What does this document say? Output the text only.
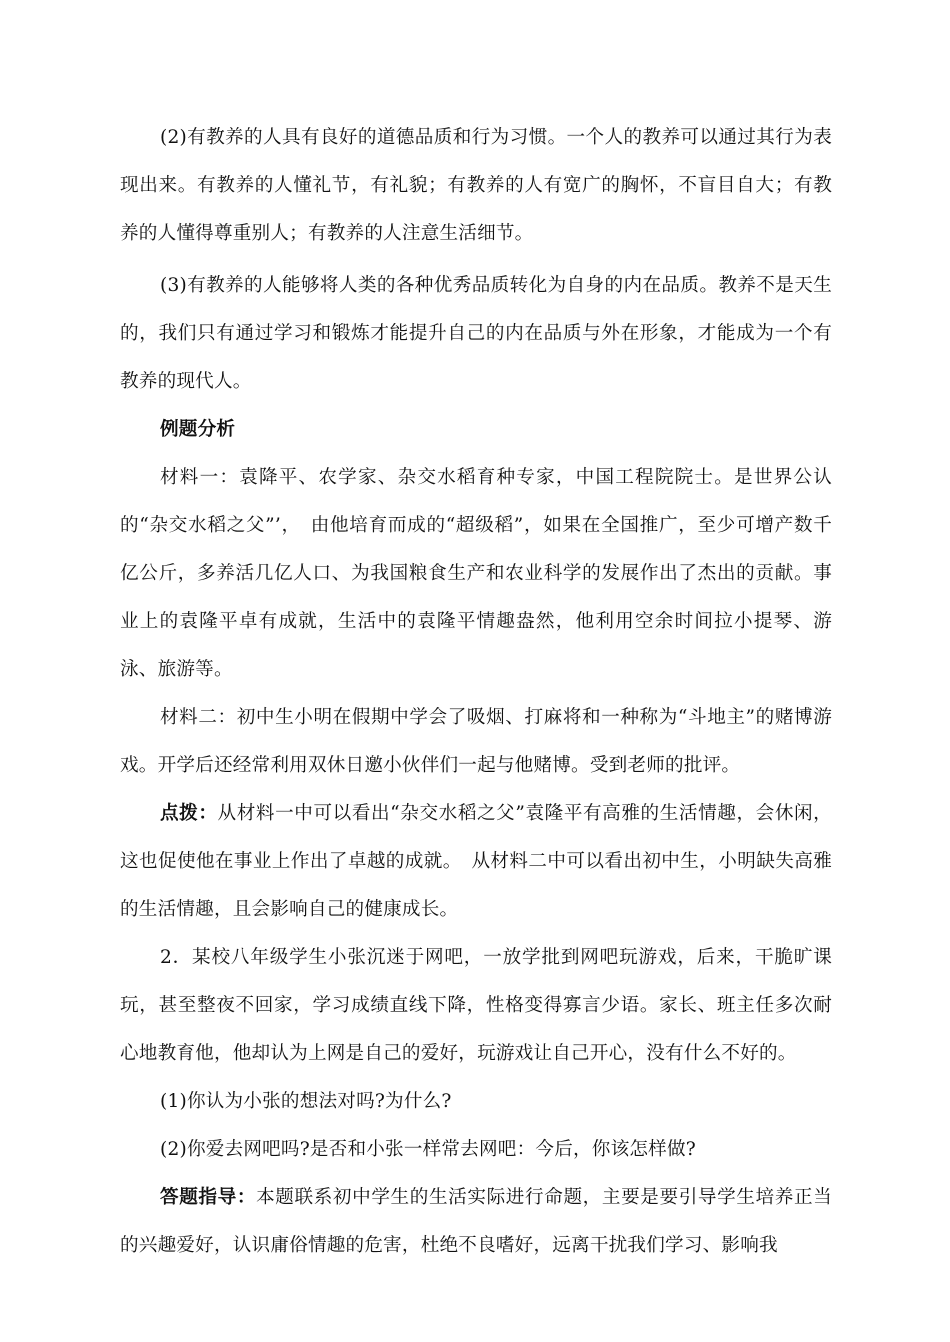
(2)有教养的人具有良好的道德品质和行为习惯。一个人的教养可以通过其行为表现出来。有教养的人懂礼节，有礼貌；有教养的人有宽广的胸怀，不盲目自大；有教养的人懂得尊重别人；有教养的人注意生活细节。

(3)有教养的人能够将人类的各种优秀品质转化为自身的内在品质。教养不是天生的，我们只有通过学习和锻炼才能提升自己的内在品质与外在形象，才能成为一个有教养的现代人。

例题分析

材料一：袁降平、农学家、杂交水稻育种专家，中国工程院院士。是世界公认的“杂交水稻之父”’，　由他培育而成的“超级稻”，如果在全国推广，至少可增产数千亿公斤，多养活几亿人口、为我国粮食生产和农业科学的发展作出了杰出的贡献。事业上的袁隆平卓有成就，生活中的袁隆平情趣盎然，他利用空余时间拉小提琴、游泳、旅游等。

材料二：初中生小明在假期中学会了吸烟、打麻将和一种称为“斗地主”的赌博游戏。开学后还经常利用双休日邀小伙伴们一起与他赌博。受到老师的批评。

点拨：从材料一中可以看出“杂交水稻之父”袁隆平有高雅的生活情趣，会休闲，这也促使他在事业上作出了卓越的成就。　从材料二中可以看出初中生，小明缺失高雅的生活情趣，且会影响自己的健康成长。

2．某校八年级学生小张沉迷于网吧，一放学批到网吧玩游戏，后来，干脆旷课玩，甚至整夜不回家，学习成绩直线下降，性格变得寡言少语。家长、班主任多次耐心地教育他，他却认为上网是自己的爱好，玩游戏让自己开心，没有什么不好的。

(1)你认为小张的想法对吗?为什么?

(2)你爱去网吧吗?是否和小张一样常去网吧：今后，你该怎样做?

答题指导：本题联系初中学生的生活实际进行命题，主要是要引导学生培养正当的兴趣爱好，认识庸俗情趣的危害，杜绝不良嗜好，远离干扰我们学习、影响我
